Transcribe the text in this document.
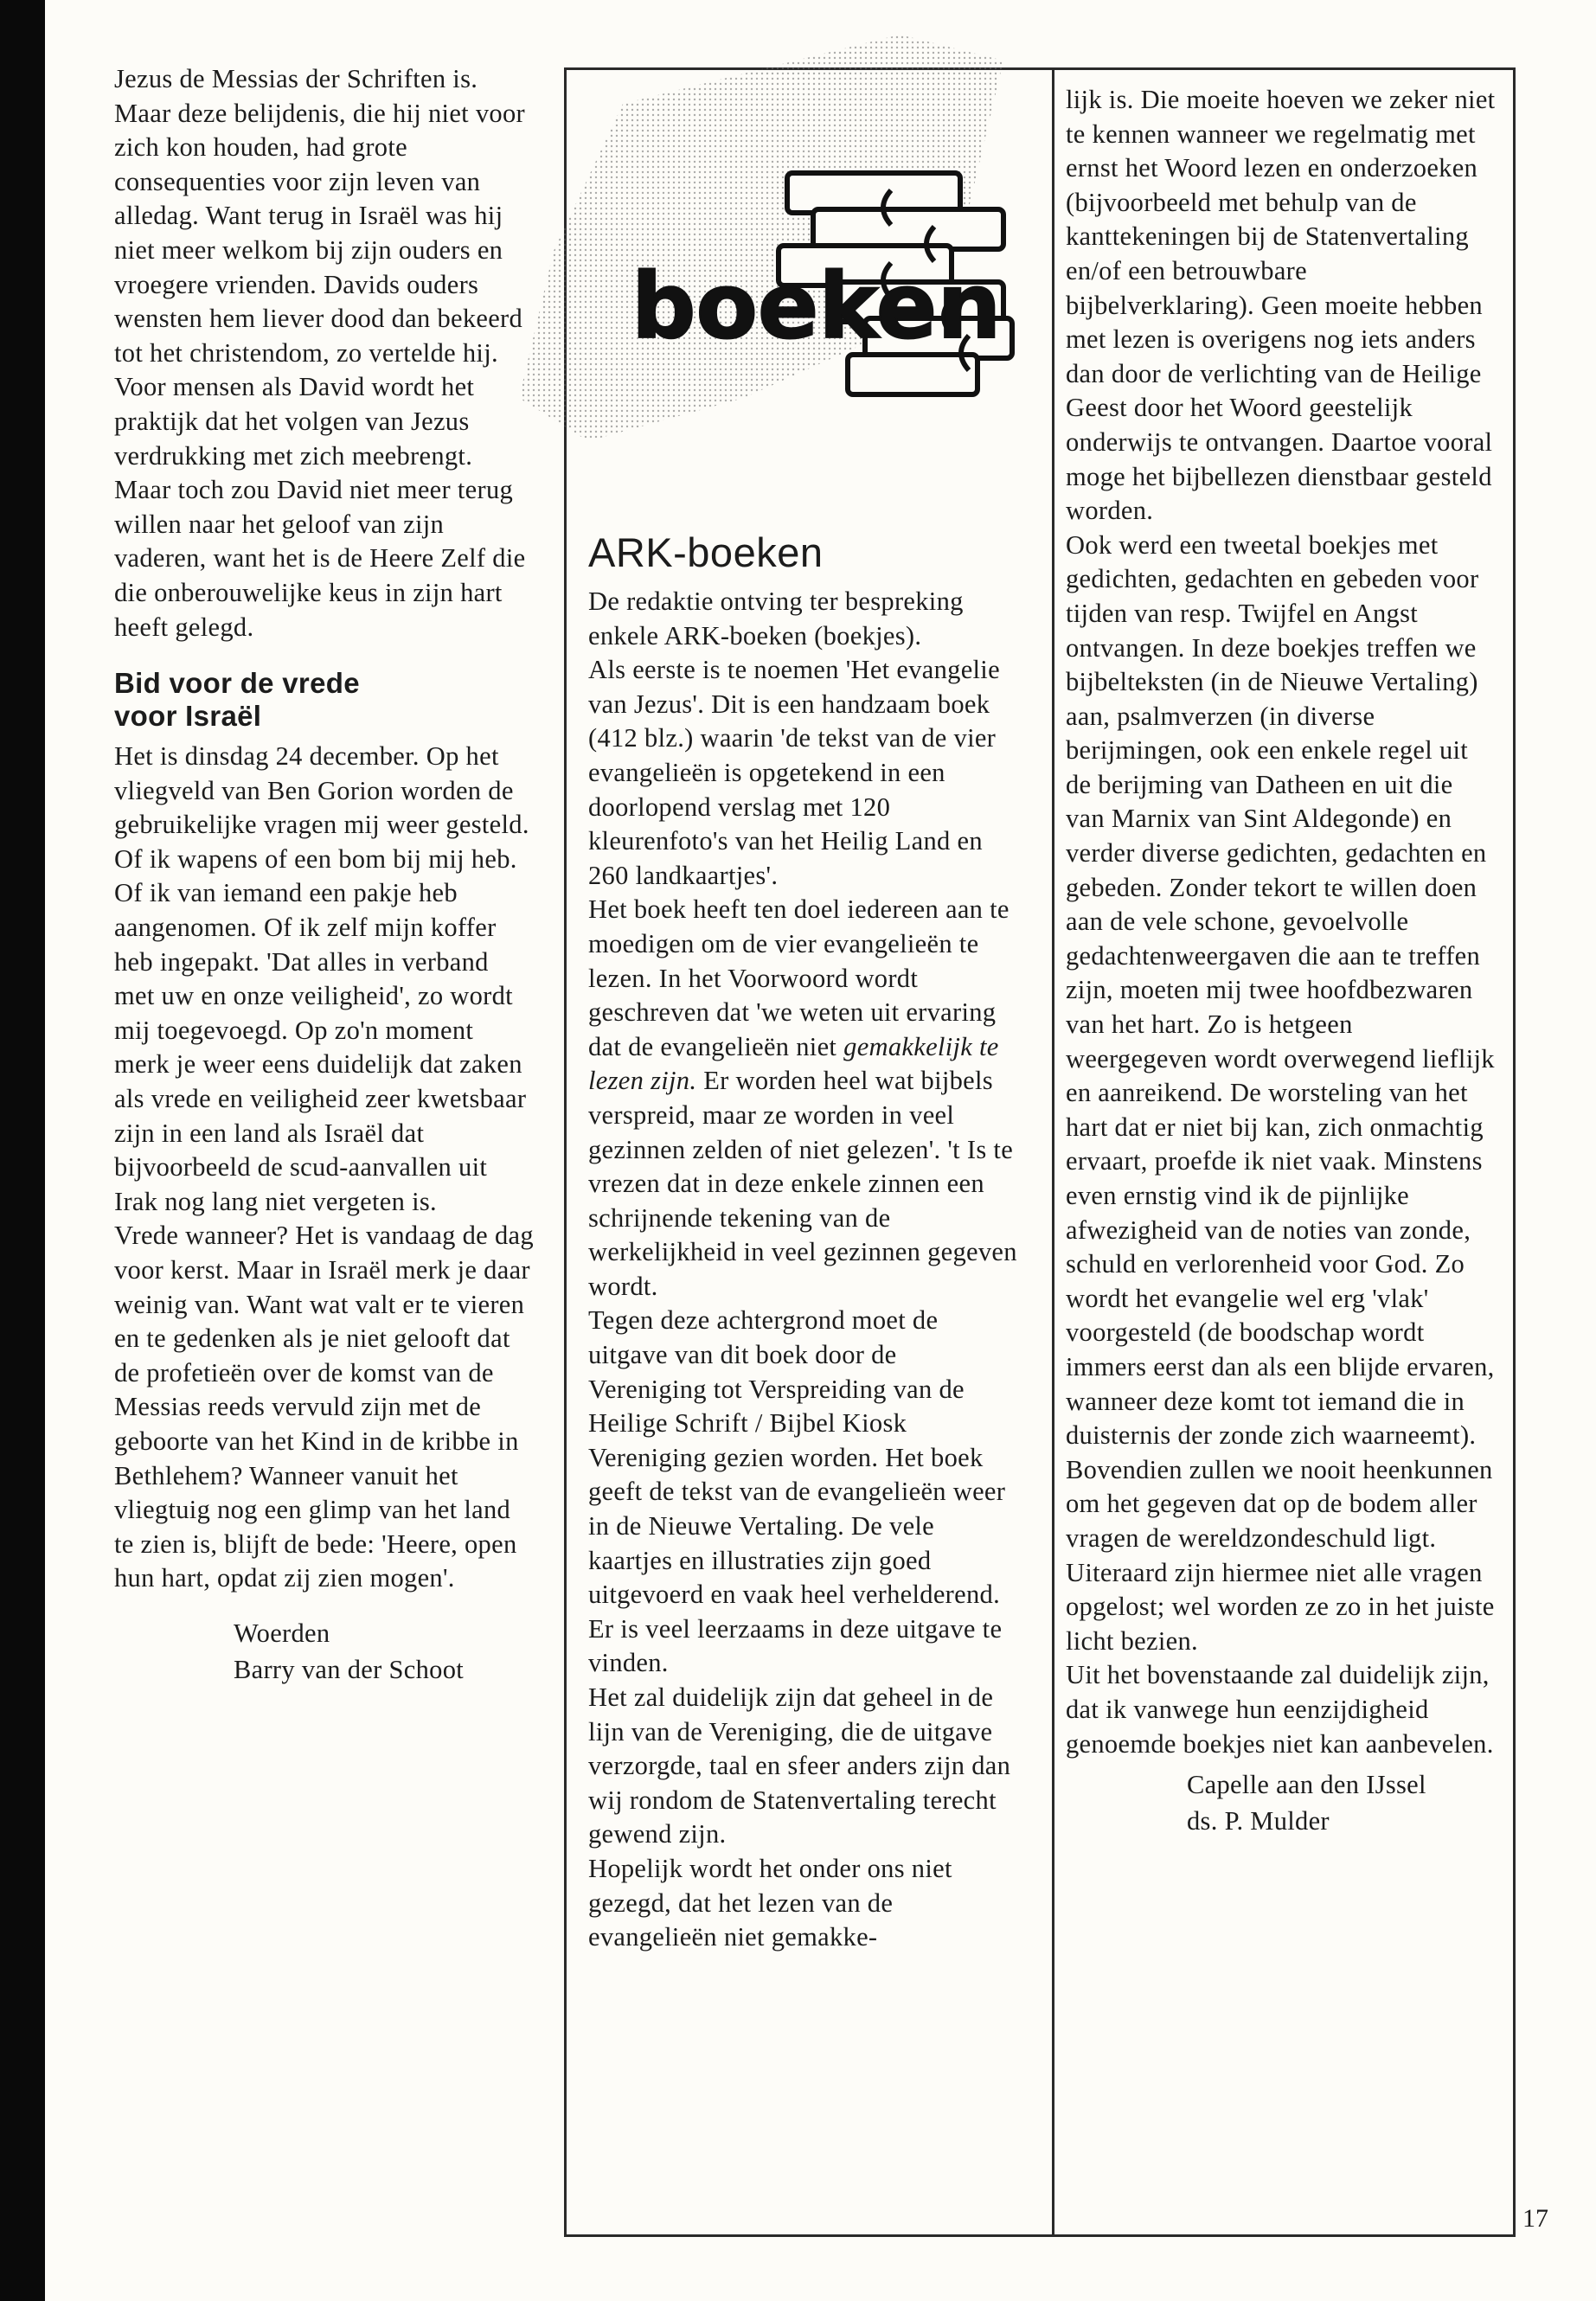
Jezus de Messias der Schriften is. Maar deze belijdenis, die hij niet voor zich kon houden, had grote consequenties voor zijn leven van alledag. Want terug in Israël was hij niet meer welkom bij zijn ouders en vroegere vrienden. Davids ouders wensten hem liever dood dan bekeerd tot het christendom, zo vertelde hij. Voor mensen als David wordt het praktijk dat het volgen van Jezus verdrukking met zich meebrengt.

Maar toch zou David niet meer terug willen naar het geloof van zijn vaderen, want het is de Heere Zelf die die onberouwelijke keus in zijn hart heeft gelegd.

Bid voor de vrede
voor Israël

Het is dinsdag 24 december. Op het vliegveld van Ben Gorion worden de gebruikelijke vragen mij weer gesteld. Of ik wapens of een bom bij mij heb. Of ik van iemand een pakje heb aangenomen. Of ik zelf mijn koffer heb ingepakt. 'Dat alles in verband met uw en onze veiligheid', zo wordt mij toegevoegd. Op zo'n moment merk je weer eens duidelijk dat zaken als vrede en veiligheid zeer kwetsbaar zijn in een land als Israël dat bijvoorbeeld de scud-aanvallen uit Irak nog lang niet vergeten is.

Vrede wanneer? Het is vandaag de dag voor kerst. Maar in Israël merk je daar weinig van. Want wat valt er te vieren en te gedenken als je niet gelooft dat de profetieën over de komst van de Messias reeds vervuld zijn met de geboorte van het Kind in de kribbe in Bethlehem? Wanneer vanuit het vliegtuig nog een glimp van het land te zien is, blijft de bede: 'Heere, open hun hart, opdat zij zien mogen'.

Woerden
Barry van der Schoot
boeken
ARK-boeken

De redaktie ontving ter bespreking enkele ARK-boeken (boekjes).

Als eerste is te noemen 'Het evangelie van Jezus'. Dit is een handzaam boek (412 blz.) waarin 'de tekst van de vier evangelieën is opgetekend in een doorlopend verslag met 120 kleurenfoto's van het Heilig Land en 260 landkaartjes'.

Het boek heeft ten doel iedereen aan te moedigen om de vier evangelieën te lezen. In het Voorwoord wordt geschreven dat 'we weten uit ervaring dat de evangelieën niet gemakkelijk te lezen zijn. Er worden heel wat bijbels verspreid, maar ze worden in veel gezinnen zelden of niet gelezen'. 't Is te vrezen dat in deze enkele zinnen een schrijnende tekening van de werkelijkheid in veel gezinnen gegeven wordt.

Tegen deze achtergrond moet de uitgave van dit boek door de Vereniging tot Verspreiding van de Heilige Schrift / Bijbel Kiosk Vereniging gezien worden. Het boek geeft de tekst van de evangelieën weer in de Nieuwe Vertaling. De vele kaartjes en illustraties zijn goed uitgevoerd en vaak heel verhelderend. Er is veel leerzaams in deze uitgave te vinden.

Het zal duidelijk zijn dat geheel in de lijn van de Vereniging, die de uitgave verzorgde, taal en sfeer anders zijn dan wij rondom de Statenvertaling terecht gewend zijn.

Hopelijk wordt het onder ons niet gezegd, dat het lezen van de evangelieën niet gemakke-

lijk is. Die moeite hoeven we zeker niet te kennen wanneer we regelmatig met ernst het Woord lezen en onderzoeken (bijvoorbeeld met behulp van de kanttekeningen bij de Statenvertaling en/of een betrouwbare bijbelverklaring). Geen moeite hebben met lezen is overigens nog iets anders dan door de verlichting van de Heilige Geest door het Woord geestelijk onderwijs te ontvangen. Daartoe vooral moge het bijbellezen dienstbaar gesteld worden.

Ook werd een tweetal boekjes met gedichten, gedachten en gebeden voor tijden van resp. Twijfel en Angst ontvangen. In deze boekjes treffen we bijbelteksten (in de Nieuwe Vertaling) aan, psalmverzen (in diverse berijmingen, ook een enkele regel uit de berijming van Datheen en uit die van Marnix van Sint Aldegonde) en verder diverse gedichten, gedachten en gebeden. Zonder tekort te willen doen aan de vele schone, gevoelvolle gedachtenweergaven die aan te treffen zijn, moeten mij twee hoofdbezwaren van het hart. Zo is hetgeen weergegeven wordt overwegend lieflijk en aanreikend. De worsteling van het hart dat er niet bij kan, zich onmachtig ervaart, proefde ik niet vaak. Minstens even ernstig vind ik de pijnlijke afwezigheid van de noties van zonde, schuld en verlorenheid voor God. Zo wordt het evangelie wel erg 'vlak' voorgesteld (de boodschap wordt immers eerst dan als een blijde ervaren, wanneer deze komt tot iemand die in duisternis der zonde zich waarneemt). Bovendien zullen we nooit heenkunnen om het gegeven dat op de bodem aller vragen de wereldzondeschuld ligt. Uiteraard zijn hiermee niet alle vragen opgelost; wel worden ze zo in het juiste licht bezien.

Uit het bovenstaande zal duidelijk zijn, dat ik vanwege hun eenzijdigheid genoemde boekjes niet kan aanbevelen.

Capelle aan den IJssel
ds. P. Mulder
17
